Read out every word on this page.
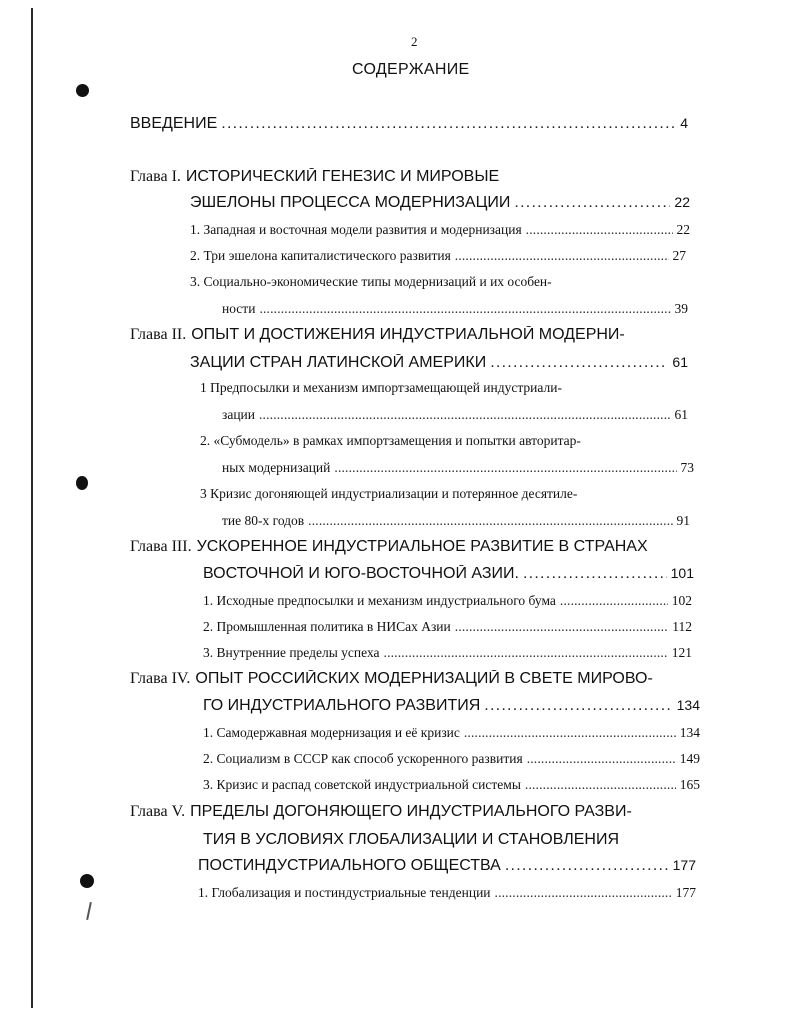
2
СОДЕРЖАНИЕ
ВВЕДЕНИЕ . . .	4
Глава I. ИСТОРИЧЕСКИЙ ГЕНЕЗИС И МИРОВЫЕ
ЭШЕЛОНЫ ПРОЦЕССА МОДЕРНИЗАЦИИ . . .	22
1. Западная и восточная модели развития и модернизация . . .	22
2. Три эшелона капиталистического развития . . .	27
3. Социально-экономические типы модернизаций и их особен-
ности . . .	39
Глава II. ОПЫТ И ДОСТИЖЕНИЯ ИНДУСТРИАЛЬНОЙ МОДЕРНИ-
ЗАЦИИ СТРАН ЛАТИНСКОЙ АМЕРИКИ . . .	61
1 Предпосылки и механизм импортзамещающей индустриали-
зации . . .	61
2. «Субмодель» в рамках импортзамещения и попытки авторитар-
ных модернизаций . . .	73
3 Кризис догоняющей индустриализации и потерянное десятиле-
тие 80-х годов . . .	91
Глава III. УСКОРЕННОЕ ИНДУСТРИАЛЬНОЕ РАЗВИТИЕ В СТРАНАХ
ВОСТОЧНОЙ И ЮГО-ВОСТОЧНОЙ АЗИИ. . . .	101
1. Исходные предпосылки и механизм индустриального бума . . .	102
2. Промышленная политика в НИСах Азии . . .	112
3. Внутренние пределы успеха . . .	121
Глава IV. ОПЫТ РОССИЙСКИХ МОДЕРНИЗАЦИЙ В СВЕТЕ МИРОВО-
ГО ИНДУСТРИАЛЬНОГО РАЗВИТИЯ . . .	134
1. Самодержавная модернизация и её кризис . . .	134
2. Социализм в СССР как способ ускоренного развития . . .	149
3. Кризис и распад советской индустриальной системы . . .	165
Глава V. ПРЕДЕЛЫ ДОГОНЯЮЩЕГО ИНДУСТРИАЛЬНОГО РАЗВИ-
ТИЯ В УСЛОВИЯХ ГЛОБАЛИЗАЦИИ И СТАНОВЛЕНИЯ
ПОСТИНДУСТРИАЛЬНОГО ОБЩЕСТВА . . .	177
1. Глобализация и постиндустриальные тенденции . . .	177
